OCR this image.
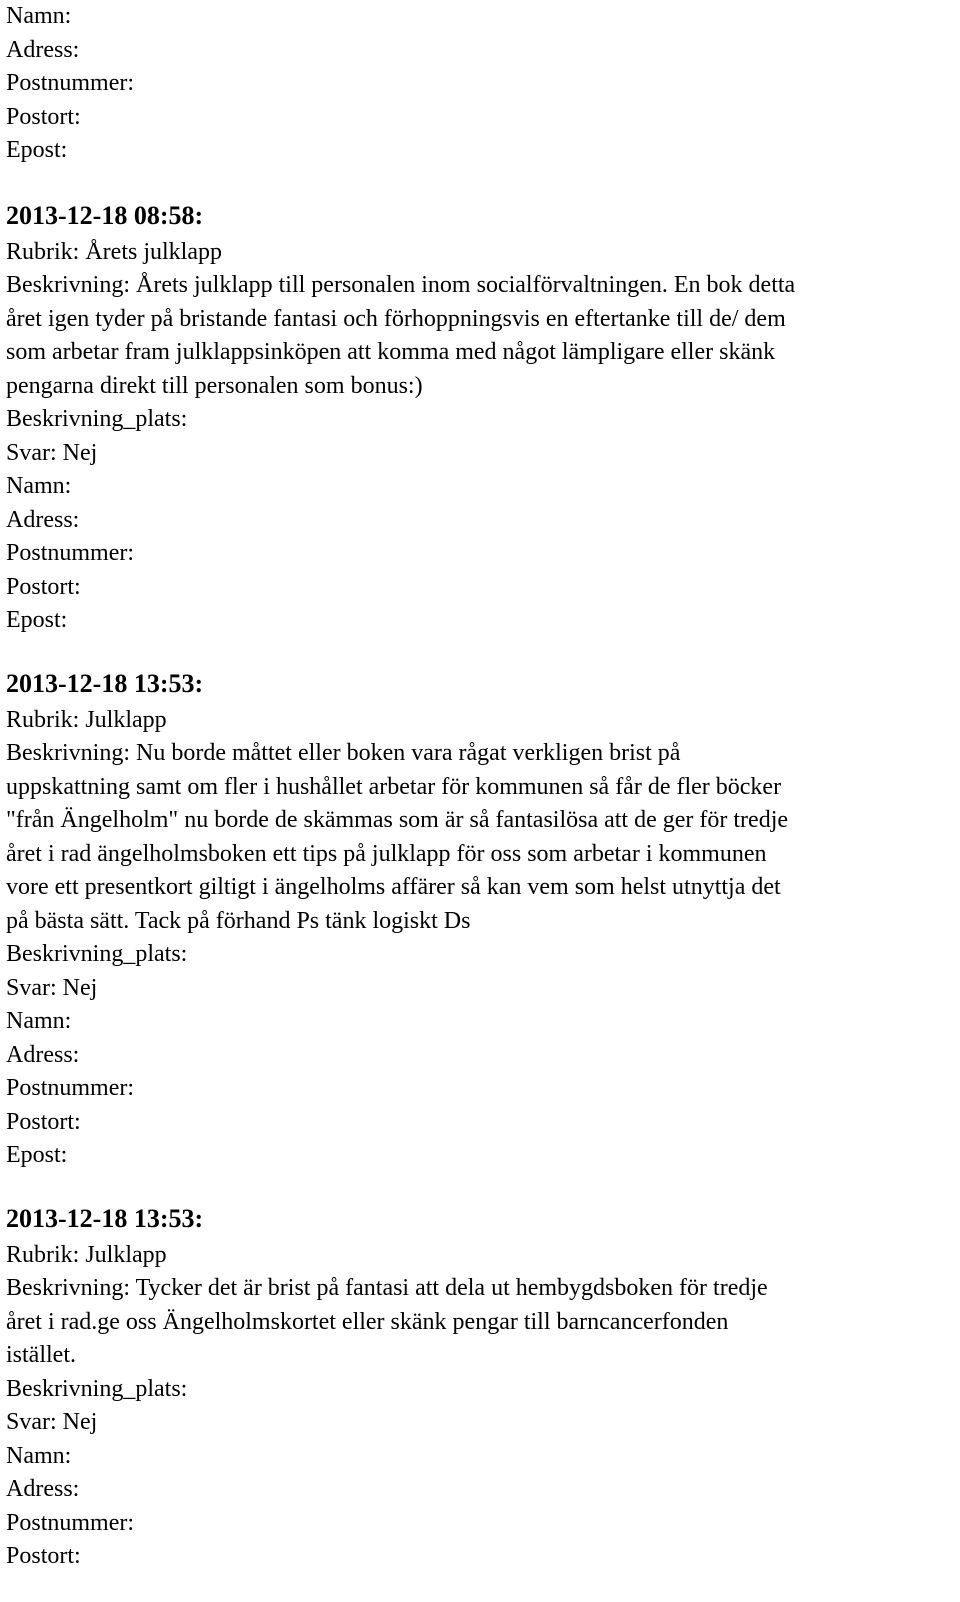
Namn:
Adress:
Postnummer:
Postort:
Epost:
2013-12-18 08:58:
Rubrik: Årets julklapp
Beskrivning: Årets julklapp till personalen inom socialförvaltningen. En bok detta
året igen tyder på bristande fantasi och förhoppningsvis en eftertanke till de/ dem
som arbetar fram julklappsinköpen att komma med något lämpligare eller skänk
pengarna direkt till personalen som bonus:)
Beskrivning_plats:
Svar: Nej
Namn:
Adress:
Postnummer:
Postort:
Epost:
2013-12-18 13:53:
Rubrik: Julklapp
Beskrivning: Nu borde måttet eller boken vara rågat verkligen brist på
uppskattning samt om fler i hushållet arbetar för kommunen så får de fler böcker
"från Ängelholm" nu borde de skämmas som är så fantasilösa att de ger för tredje
året i rad ängelholmsboken ett tips på julklapp för oss som arbetar i kommunen
vore ett presentkort giltigt i ängelholms affärer så kan vem som helst utnyttja det
på bästa sätt. Tack på förhand Ps tänk logiskt Ds
Beskrivning_plats:
Svar: Nej
Namn:
Adress:
Postnummer:
Postort:
Epost:
2013-12-18 13:53:
Rubrik: Julklapp
Beskrivning: Tycker det är brist på fantasi att dela ut hembygdsboken för tredje
året i rad.ge oss Ängelholmskortet eller skänk pengar till barncancerfonden
istället.
Beskrivning_plats:
Svar: Nej
Namn:
Adress:
Postnummer:
Postort:
